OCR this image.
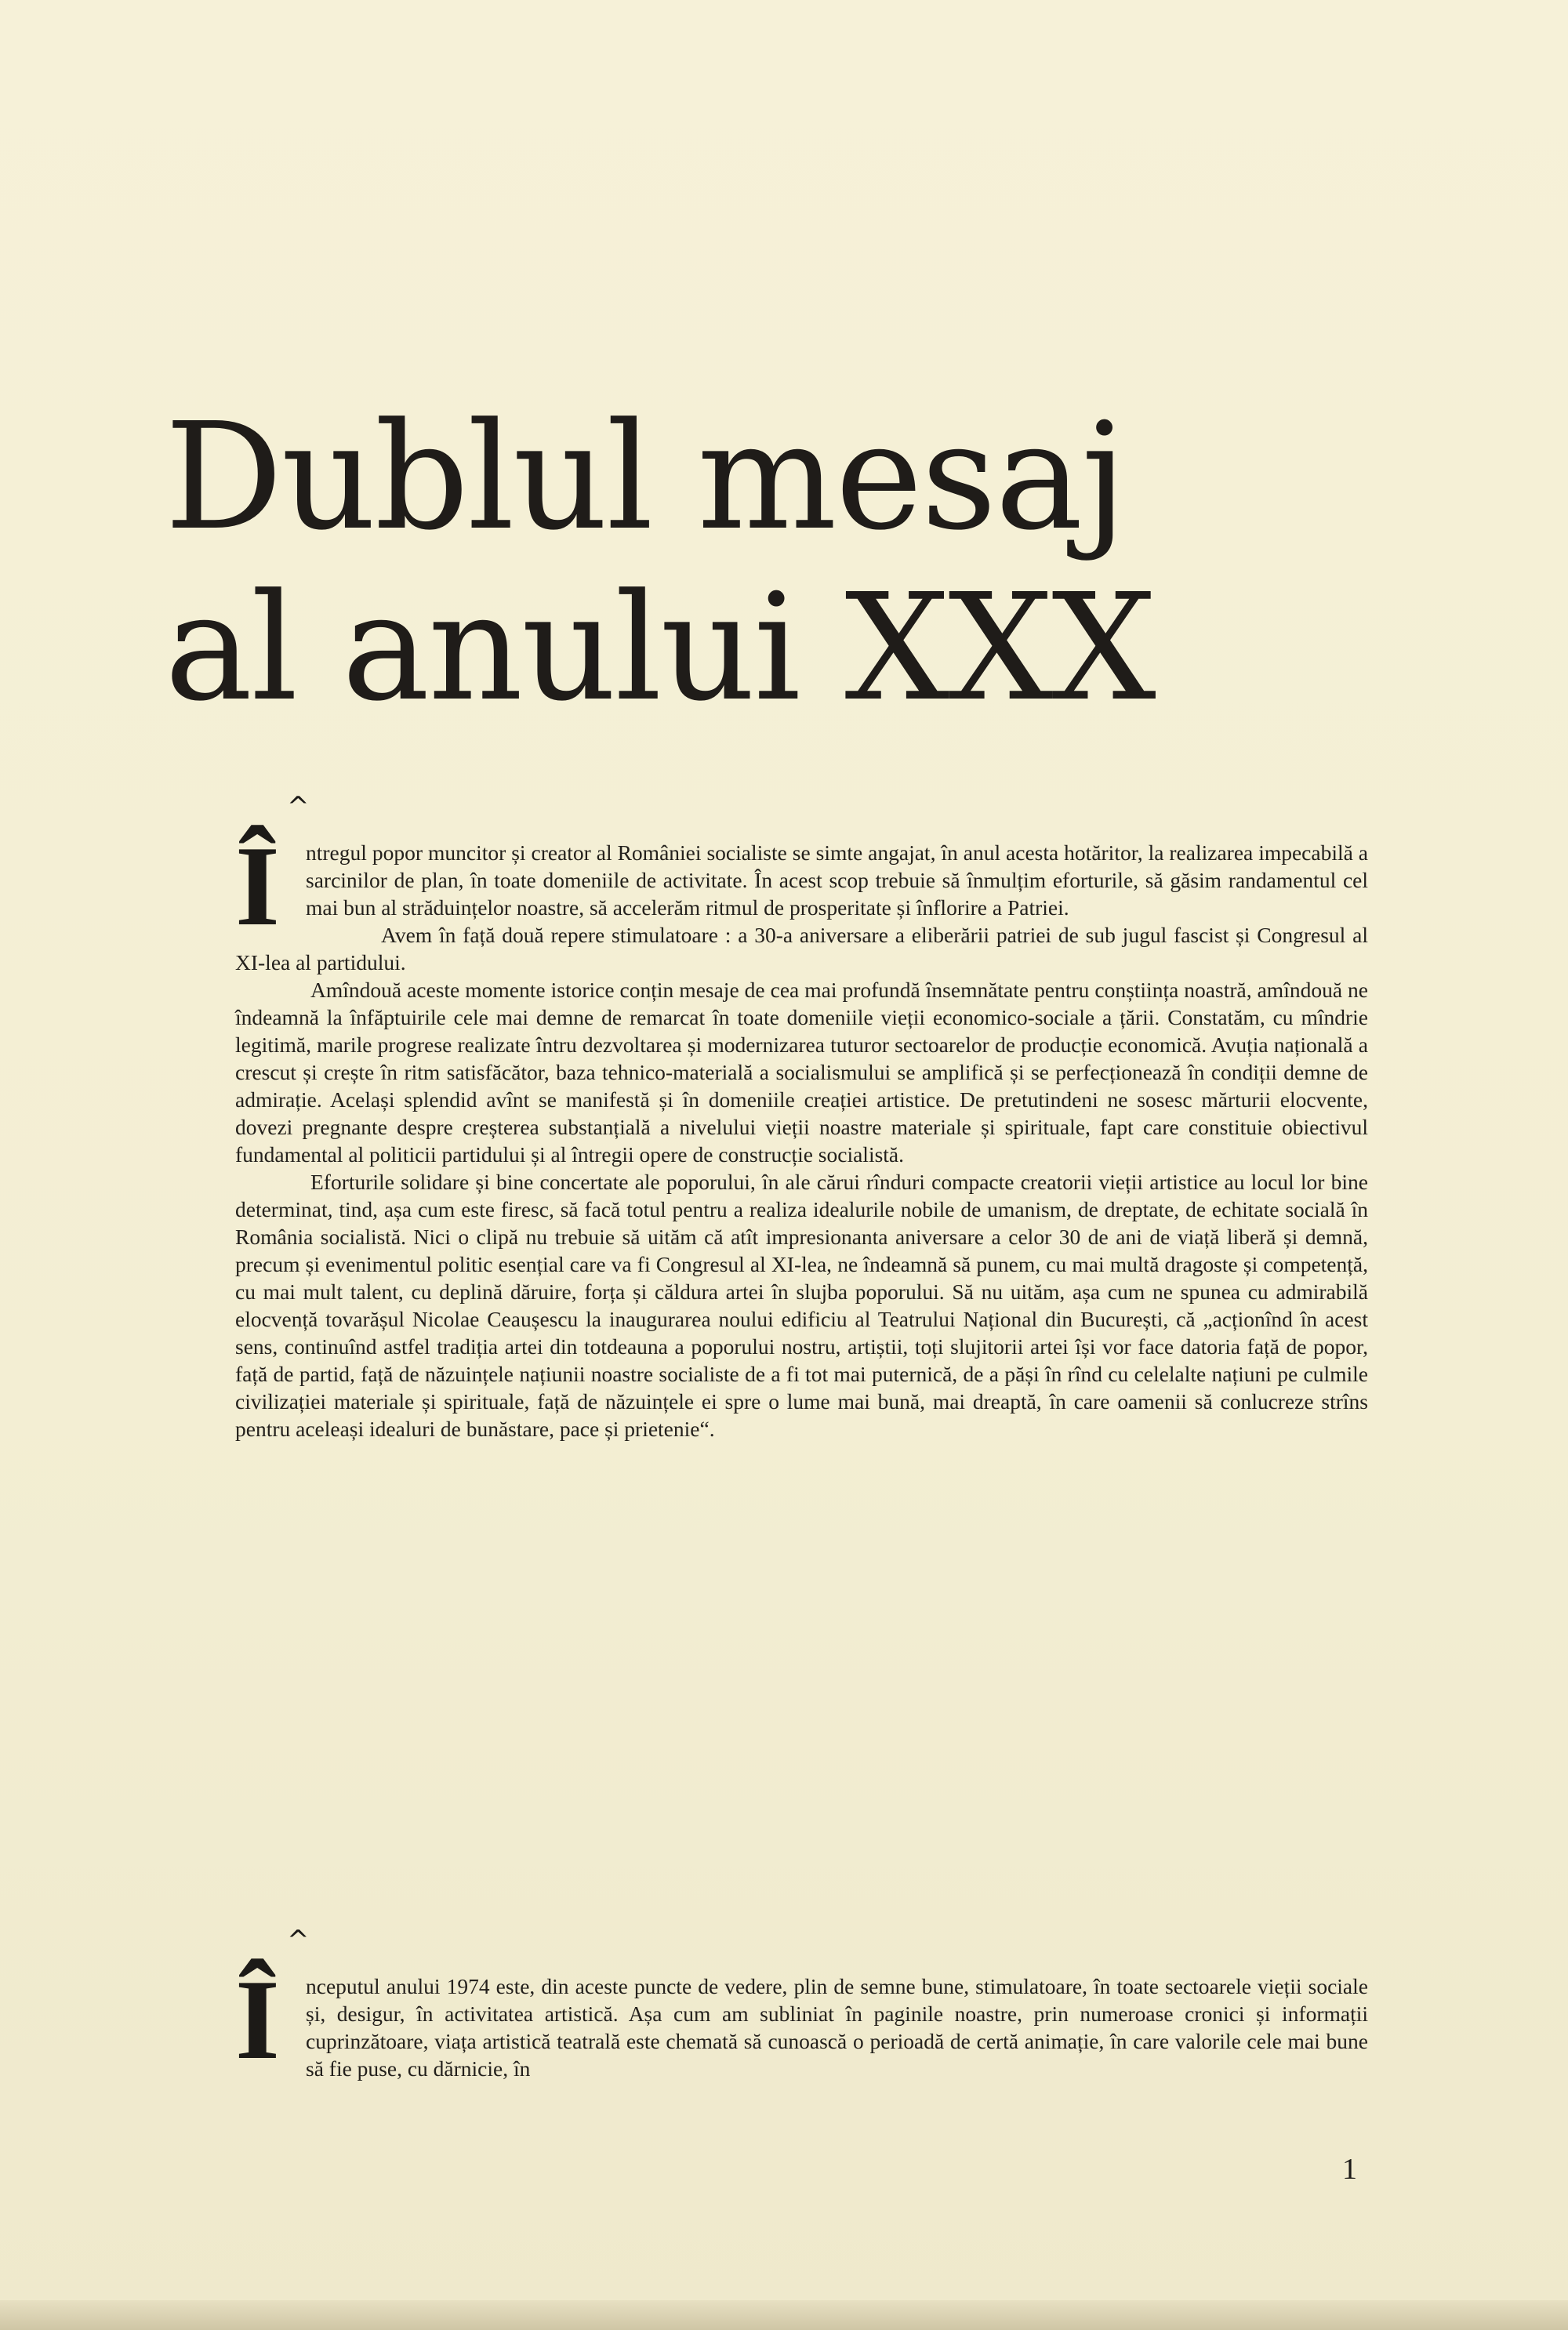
Dublul mesaj
al anului XXX

^
Î ntregul popor muncitor și creator al României socialiste se simte angajat, în anul acesta hotăritor, la realizarea impecabilă a sarcinilor de plan, în toate domeniile de activitate. În acest scop trebuie să înmulțim eforturile, să găsim randamentul cel mai bun al străduințelor noastre, să accelerăm ritmul de prosperitate și înflorire a Patriei.

Avem în față două repere stimulatoare : a 30-a aniversare a eliberării patriei de sub jugul fascist și Congresul al XI-lea al partidului.

Amîndouă aceste momente istorice conțin mesaje de cea mai profundă însemnătate pentru conștiința noastră, amîndouă ne îndeamnă la înfăptuirile cele mai demne de remarcat în toate domeniile vieții economico-sociale a țării. Constatăm, cu mîndrie legitimă, marile progrese realizate întru dezvoltarea și modernizarea tuturor sectoarelor de producție economică. Avuția națională a crescut și crește în ritm satisfăcător, baza tehnico-materială a socialismului se amplifică și se perfecționează în condiții demne de admirație. Același splendid avînt se manifestă și în domeniile creației artistice. De pretutindeni ne sosesc mărturii elocvente, dovezi pregnante despre creșterea substanțială a nivelului vieții noastre materiale și spirituale, fapt care constituie obiectivul fundamental al politicii partidului și al întregii opere de construcție socialistă.

Eforturile solidare și bine concertate ale poporului, în ale cărui rînduri compacte creatorii vieții artistice au locul lor bine determinat, tind, așa cum este firesc, să facă totul pentru a realiza idealurile nobile de umanism, de dreptate, de echitate socială în România socialistă. Nici o clipă nu trebuie să uităm că atît impresionanta aniversare a celor 30 de ani de viață liberă și demnă, precum și evenimentul politic esențial care va fi Congresul al XI-lea, ne îndeamnă să punem, cu mai multă dragoste și competență, cu mai mult talent, cu deplină dăruire, forța și căldura artei în slujba poporului. Să nu uităm, așa cum ne spunea cu admirabilă elocvență tovarășul Nicolae Ceaușescu la inaugurarea noului edificiu al Teatrului Național din București, că „acționînd în acest sens, continuînd astfel tradiția artei din totdeauna a poporului nostru, artiștii, toți slujitorii artei își vor face datoria față de popor, față de partid, față de năzuințele națiunii noastre socialiste de a fi tot mai puternică, de a păși în rînd cu celelalte națiuni pe culmile civilizației materiale și spirituale, față de năzuințele ei spre o lume mai bună, mai dreaptă, în care oamenii să conlucreze strîns pentru aceleași idealuri de bunăstare, pace și prietenie“.

^
Î nceputul anului 1974 este, din aceste puncte de vedere, plin de semne bune, stimulatoare, în toate sectoarele vieții sociale și, desigur, în activitatea artistică. Așa cum am subliniat în paginile noastre, prin numeroase cronici și informații cuprinzătoare, viața artistică teatrală este chemată să cunoască o perioadă de certă animație, în care valorile cele mai bune să fie puse, cu dărnicie, în

1
